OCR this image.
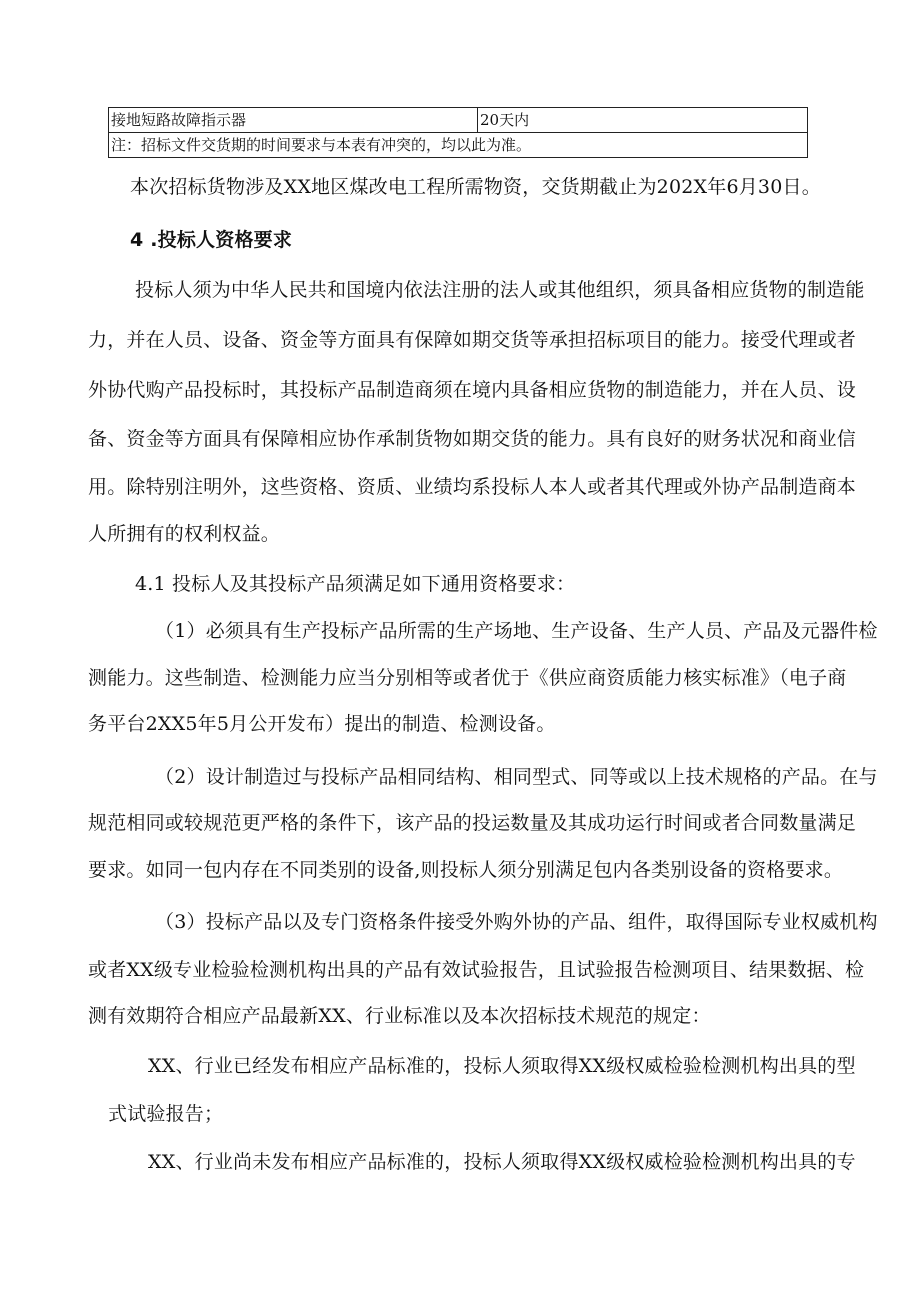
接地短路故障指示器	20天内
注：招标文件交货期的时间要求与本表有冲突的，均以此为准。
本次招标货物涉及XX地区煤改电工程所需物资，交货期截止为202X年6月30日。
4 .投标人资格要求
投标人须为中华人民共和国境内依法注册的法人或其他组织，须具备相应货物的制造能
力，并在人员、设备、资金等方面具有保障如期交货等承担招标项目的能力。接受代理或者
外协代购产品投标时，其投标产品制造商须在境内具备相应货物的制造能力，并在人员、设
备、资金等方面具有保障相应协作承制货物如期交货的能力。具有良好的财务状况和商业信
用。除特别注明外，这些资格、资质、业绩均系投标人本人或者其代理或外协产品制造商本
人所拥有的权利权益。
4.1 投标人及其投标产品须满足如下通用资格要求：
（1）必须具有生产投标产品所需的生产场地、生产设备、生产人员、产品及元器件检
测能力。这些制造、检测能力应当分别相等或者优于《供应商资质能力核实标准》（电子商
务平台2XX5年5月公开发布）提出的制造、检测设备。
（2）设计制造过与投标产品相同结构、相同型式、同等或以上技术规格的产品。在与
规范相同或较规范更严格的条件下，该产品的投运数量及其成功运行时间或者合同数量满足
要求。如同一包内存在不同类别的设备,则投标人须分别满足包内各类别设备的资格要求。
（3）投标产品以及专门资格条件接受外购外协的产品、组件，取得国际专业权威机构
或者XX级专业检验检测机构出具的产品有效试验报告，且试验报告检测项目、结果数据、检
测有效期符合相应产品最新XX、行业标准以及本次招标技术规范的规定：
XX、行业已经发布相应产品标准的，投标人须取得XX级权威检验检测机构出具的型
式试验报告；
XX、行业尚未发布相应产品标准的，投标人须取得XX级权威检验检测机构出具的专
